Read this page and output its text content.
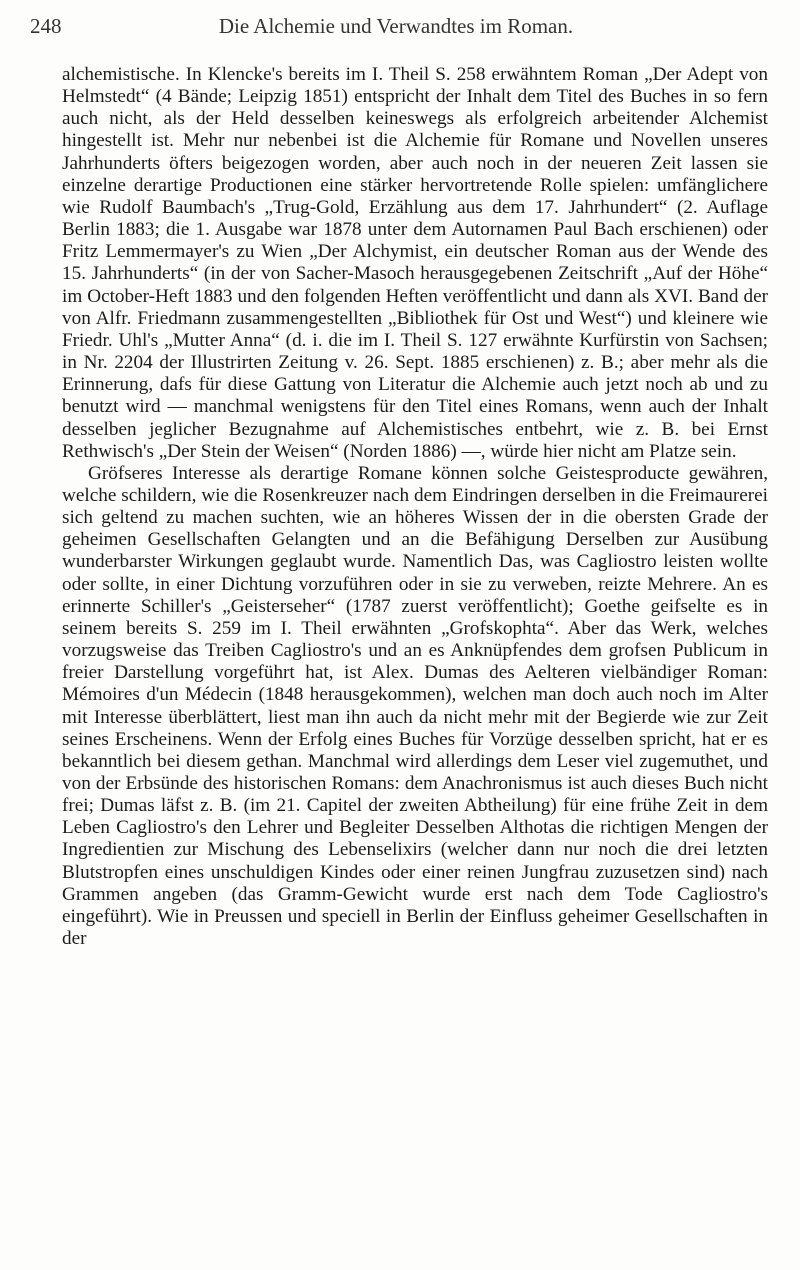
248	Die Alchemie und Verwandtes im Roman.

alchemistische. In Klencke's bereits im I. Theil S. 258 erwähntem Roman „Der Adept von Helmstedt“ (4 Bände; Leipzig 1851) entspricht der Inhalt dem Titel des Buches in so fern auch nicht, als der Held desselben keineswegs als erfolgreich arbeitender Alchemist hingestellt ist. Mehr nur nebenbei ist die Alchemie für Romane und Novellen unseres Jahrhunderts öfters beigezogen worden, aber auch noch in der neueren Zeit lassen sie einzelne derartige Productionen eine stärker hervortretende Rolle spielen: umfänglichere wie Rudolf Baumbach's „Trug-Gold, Erzählung aus dem 17. Jahrhundert“ (2. Auflage Berlin 1883; die 1. Ausgabe war 1878 unter dem Autornamen Paul Bach erschienen) oder Fritz Lemmermayer's zu Wien „Der Alchymist, ein deutscher Roman aus der Wende des 15. Jahrhunderts“ (in der von Sacher-Masoch herausgegebenen Zeitschrift „Auf der Höhe“ im October-Heft 1883 und den folgenden Heften veröffentlicht und dann als XVI. Band der von Alfr. Friedmann zusammengestellten „Bibliothek für Ost und West“) und kleinere wie Friedr. Uhl's „Mutter Anna“ (d. i. die im I. Theil S. 127 erwähnte Kurfürstin von Sachsen; in Nr. 2204 der Illustrirten Zeitung v. 26. Sept. 1885 erschienen) z. B.; aber mehr als die Erinnerung, dafs für diese Gattung von Literatur die Alchemie auch jetzt noch ab und zu benutzt wird — manchmal wenigstens für den Titel eines Romans, wenn auch der Inhalt desselben jeglicher Bezugnahme auf Alchemistisches entbehrt, wie z. B. bei Ernst Rethwisch's „Der Stein der Weisen“ (Norden 1886) —, würde hier nicht am Platze sein.

Gröfseres Interesse als derartige Romane können solche Geistesproducte gewähren, welche schildern, wie die Rosenkreuzer nach dem Eindringen derselben in die Freimaurerei sich geltend zu machen suchten, wie an höheres Wissen der in die obersten Grade der geheimen Gesellschaften Gelangten und an die Befähigung Derselben zur Ausübung wunderbarster Wirkungen geglaubt wurde. Namentlich Das, was Cagliostro leisten wollte oder sollte, in einer Dichtung vorzuführen oder in sie zu verweben, reizte Mehrere. An es erinnerte Schiller's „Geisterseher“ (1787 zuerst veröffentlicht); Goethe geifselte es in seinem bereits S. 259 im I. Theil erwähnten „Grofskophta“. Aber das Werk, welches vorzugsweise das Treiben Cagliostro's und an es Anknüpfendes dem grofsen Publicum in freier Darstellung vorgeführt hat, ist Alex. Dumas des Aelteren vielbändiger Roman: Mémoires d'un Médecin (1848 herausgekommen), welchen man doch auch noch im Alter mit Interesse überblättert, liest man ihn auch da nicht mehr mit der Begierde wie zur Zeit seines Erscheinens. Wenn der Erfolg eines Buches für Vorzüge desselben spricht, hat er es bekanntlich bei diesem gethan. Manchmal wird allerdings dem Leser viel zugemuthet, und von der Erbsünde des historischen Romans: dem Anachronismus ist auch dieses Buch nicht frei; Dumas läfst z. B. (im 21. Capitel der zweiten Abtheilung) für eine frühe Zeit in dem Leben Cagliostro's den Lehrer und Begleiter Desselben Althotas die richtigen Mengen der Ingredientien zur Mischung des Lebenselixirs (welcher dann nur noch die drei letzten Blutstropfen eines unschuldigen Kindes oder einer reinen Jungfrau zuzusetzen sind) nach Grammen angeben (das Gramm-Gewicht wurde erst nach dem Tode Cagliostro's eingeführt). Wie in Preussen und speciell in Berlin der Einfluss geheimer Gesellschaften in der
